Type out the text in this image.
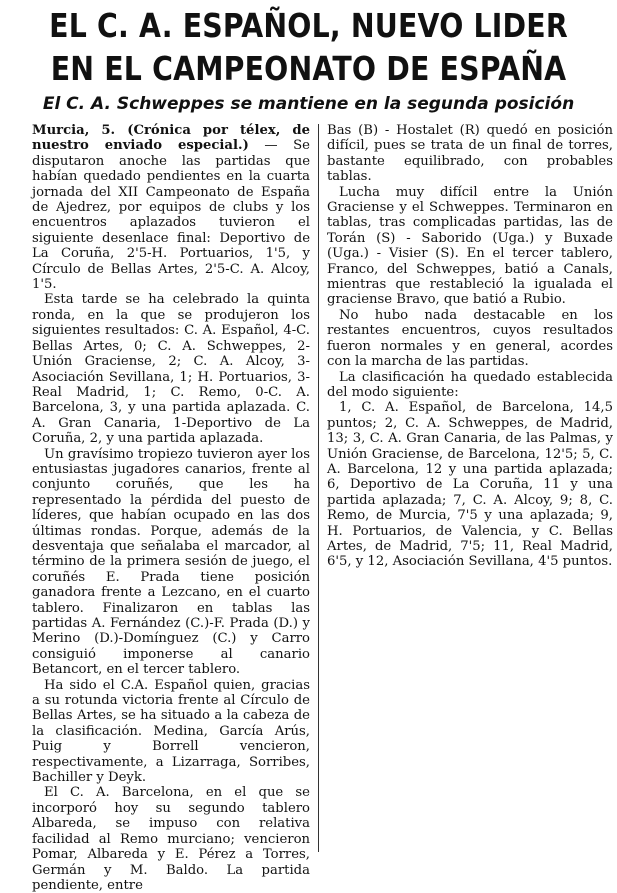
EL C. A. ESPAÑOL, NUEVO LIDER
EN EL CAMPEONATO DE ESPAÑA
El C. A. Schweppes se mantiene en la segunda posición

Murcia, 5. (Crónica por télex, de nuestro enviado especial.) — Se disputaron anoche las partidas que habían quedado pendientes en la cuarta jornada del XII Campeonato de España de Ajedrez, por equipos de clubs y los encuentros aplazados tuvieron el siguiente desenlace final: Deportivo de La Coruña, 2'5-H. Portuarios, 1'5, y Círculo de Bellas Artes, 2'5-C. A. Alcoy, 1'5.

Esta tarde se ha celebrado la quinta ronda, en la que se produjeron los siguientes resultados: C. A. Español, 4-C. Bellas Artes, 0; C. A. Schweppes, 2-Unión Graciense, 2; C. A. Alcoy, 3-Asociación Sevillana, 1; H. Portuarios, 3-Real Madrid, 1; C. Remo, 0-C. A. Barcelona, 3, y una partida aplazada. C. A. Gran Canaria, 1-Deportivo de La Coruña, 2, y una partida aplazada.

Un gravísimo tropiezo tuvieron ayer los entusiastas jugadores canarios, frente al conjunto coruñés, que les ha representado la pérdida del puesto de líderes, que habían ocupado en las dos últimas rondas. Porque, además de la desventaja que señalaba el marcador, al término de la primera sesión de juego, el coruñés E. Prada tiene posición ganadora frente a Lezcano, en el cuarto tablero. Finalizaron en tablas las partidas A. Fernández (C.)-F. Prada (D.) y Merino (D.)-Domínguez (C.) y Carro consiguió imponerse al canario Betancort, en el tercer tablero.

Ha sido el C.A. Español quien, gracias a su rotunda victoria frente al Círculo de Bellas Artes, se ha situado a la cabeza de la clasificación. Medina, García Arús, Puig y Borrell vencieron, respectivamente, a Lizarraga, Sorribes, Bachiller y Deyk.

El C. A. Barcelona, en el que se incorporó hoy su segundo tablero Albareda, se impuso con relativa facilidad al Remo murciano; vencieron Pomar, Albareda y E. Pérez a Torres, Germán y M. Baldo. La partida pendiente, entre

Bas (B) - Hostalet (R) quedó en posición difícil, pues se trata de un final de torres, bastante equilibrado, con probables tablas.

Lucha muy difícil entre la Unión Graciense y el Schweppes. Terminaron en tablas, tras complicadas partidas, las de Torán (S) - Saborido (Uga.) y Buxade (Uga.) - Visier (S). En el tercer tablero, Franco, del Schweppes, batió a Canals, mientras que restableció la igualada el graciense Bravo, que batió a Rubio.

No hubo nada destacable en los restantes encuentros, cuyos resultados fueron normales y en general, acordes con la marcha de las partidas.

La clasificación ha quedado establecida del modo siguiente:

1, C. A. Español, de Barcelona, 14,5 puntos; 2, C. A. Schweppes, de Madrid, 13; 3, C. A. Gran Canaria, de las Palmas, y Unión Graciense, de Barcelona, 12'5; 5, C. A. Barcelona, 12 y una partida aplazada; 6, Deportivo de La Coruña, 11 y una partida aplazada; 7, C. A. Alcoy, 9; 8, C. Remo, de Murcia, 7'5 y una aplazada; 9, H. Portuarios, de Valencia, y C. Bellas Artes, de Madrid, 7'5; 11, Real Madrid, 6'5, y 12, Asociación Sevillana, 4'5 puntos.
